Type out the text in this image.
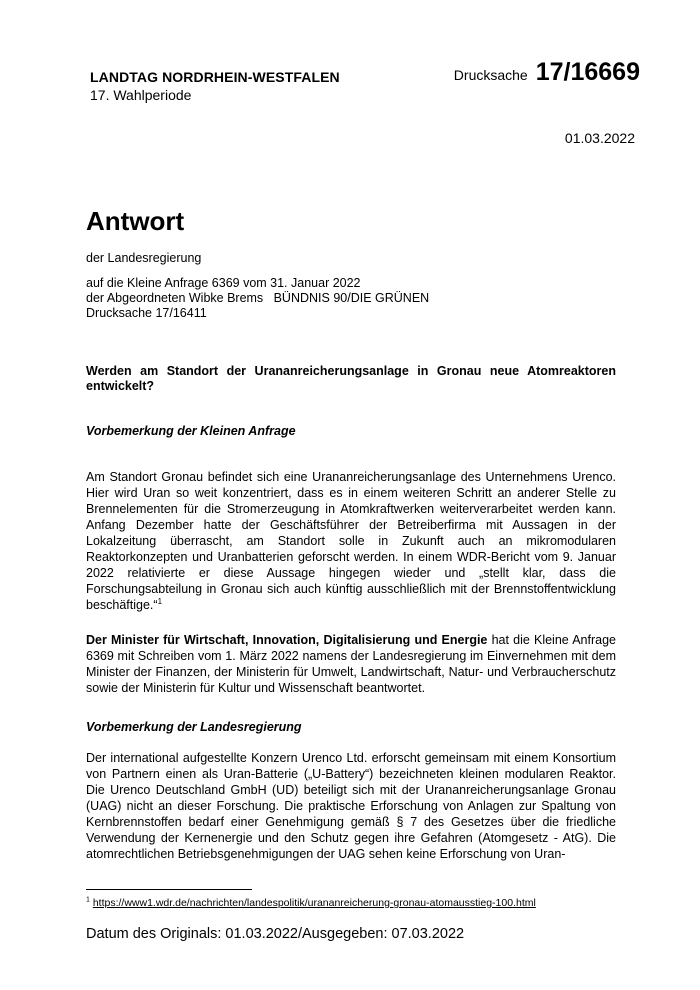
LANDTAG NORDRHEIN-WESTFALEN
17. Wahlperiode
Drucksache 17/16669
01.03.2022
Antwort
der Landesregierung
auf die Kleine Anfrage 6369 vom 31. Januar 2022
der Abgeordneten Wibke Brems   BÜNDNIS 90/DIE GRÜNEN
Drucksache 17/16411
Werden am Standort der Urananreicherungsanlage in Gronau neue Atomreaktoren entwickelt?
Vorbemerkung der Kleinen Anfrage

Am Standort Gronau befindet sich eine Urananreicherungsanlage des Unternehmens Urenco. Hier wird Uran so weit konzentriert, dass es in einem weiteren Schritt an anderer Stelle zu Brennelementen für die Stromerzeugung in Atomkraftwerken weiterverarbeitet werden kann. Anfang Dezember hatte der Geschäftsführer der Betreiberfirma mit Aussagen in der Lokalzeitung überrascht, am Standort solle in Zukunft auch an mikromodularen Reaktorkonzepten und Uranbatterien geforscht werden. In einem WDR-Bericht vom 9. Januar 2022 relativierte er diese Aussage hingegen wieder und „stellt klar, dass die Forschungsabteilung in Gronau sich auch künftig ausschließlich mit der Brennstoffentwicklung beschäftige.“$^1$

Der Minister für Wirtschaft, Innovation, Digitalisierung und Energie hat die Kleine Anfrage 6369 mit Schreiben vom 1. März 2022 namens der Landesregierung im Einvernehmen mit dem Minister der Finanzen, der Ministerin für Umwelt, Landwirtschaft, Natur- und Verbraucherschutz sowie der Ministerin für Kultur und Wissenschaft beantwortet.

Vorbemerkung der Landesregierung

Der international aufgestellte Konzern Urenco Ltd. erforscht gemeinsam mit einem Konsortium von Partnern einen als Uran-Batterie („U-Battery“) bezeichneten kleinen modularen Reaktor. Die Urenco Deutschland GmbH (UD) beteiligt sich mit der Urananreicherungsanlage Gronau (UAG) nicht an dieser Forschung. Die praktische Erforschung von Anlagen zur Spaltung von Kernbrennstoffen bedarf einer Genehmigung gemäß § 7 des Gesetzes über die friedliche Verwendung der Kernenergie und den Schutz gegen ihre Gefahren (Atomgesetz - AtG). Die atomrechtlichen Betriebsgenehmigungen der UAG sehen keine Erforschung von Uran-

$^1$ https://www1.wdr.de/nachrichten/landespolitik/urananreicherung-gronau-atomausstieg-100.html
Datum des Originals: 01.03.2022/Ausgegeben: 07.03.2022
